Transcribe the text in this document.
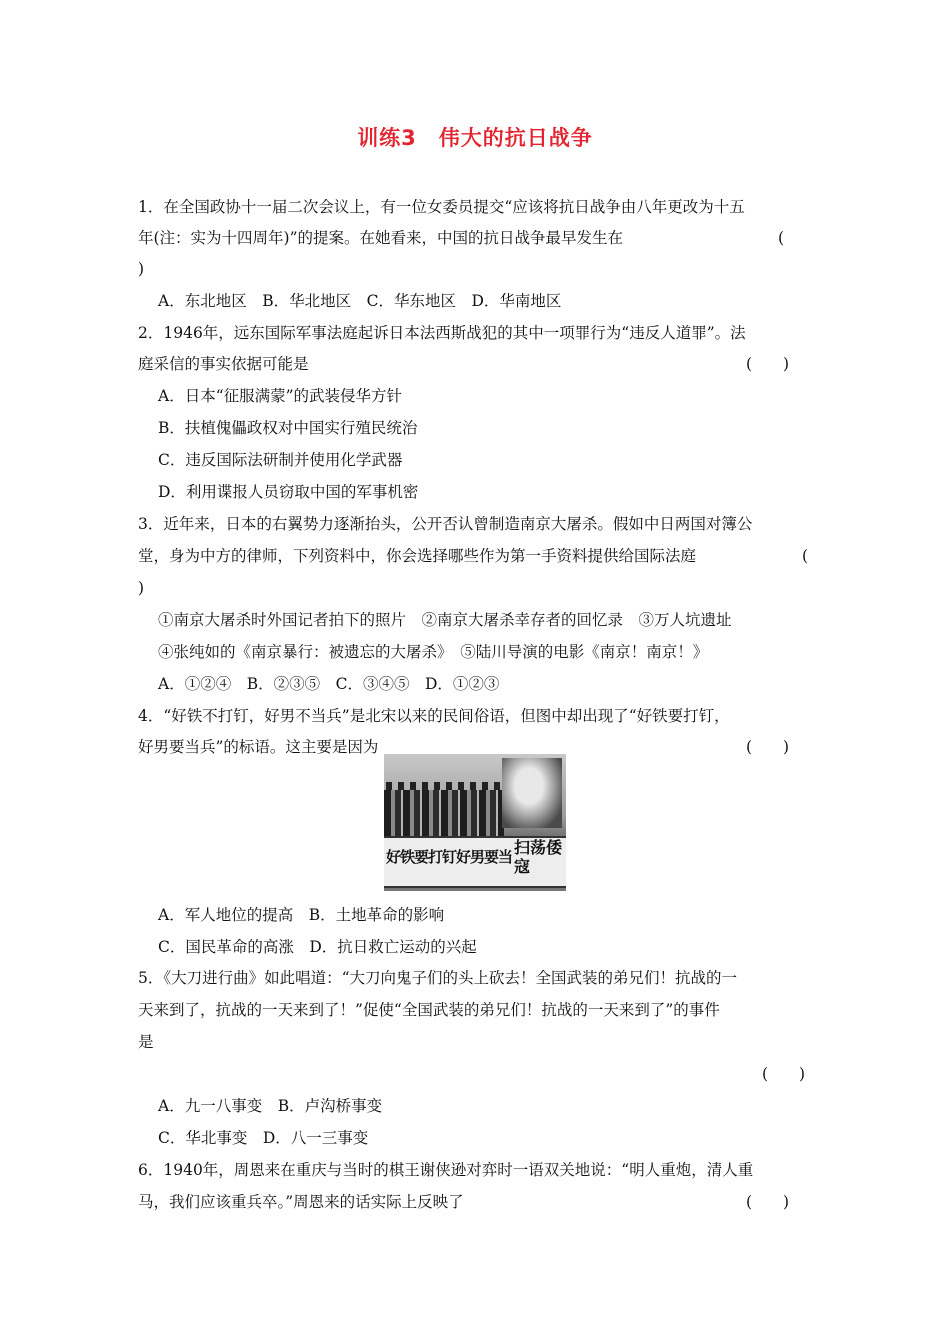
训练3　伟大的抗日战争
1．在全国政协十一届二次会议上，有一位女委员提交“应该将抗日战争由八年更改为十五
年(注：实为十四周年)”的提案。在她看来，中国的抗日战争最早发生在	(
)
A．东北地区　B．华北地区　C．华东地区　D．华南地区
2．1946年，远东国际军事法庭起诉日本法西斯战犯的其中一项罪行为“违反人道罪”。法
庭采信的事实依据可能是	(　　)
A．日本“征服满蒙”的武装侵华方针
B．扶植傀儡政权对中国实行殖民统治
C．违反国际法研制并使用化学武器
D．利用谍报人员窃取中国的军事机密
3．近年来，日本的右翼势力逐渐抬头，公开否认曾制造南京大屠杀。假如中日两国对簿公
堂，身为中方的律师，下列资料中，你会选择哪些作为第一手资料提供给国际法庭	(
)
①南京大屠杀时外国记者拍下的照片　②南京大屠杀幸存者的回忆录　③万人坑遗址
④张纯如的《南京暴行：被遗忘的大屠杀》　⑤陆川导演的电影《南京！南京！》
A．①②④　B．②③⑤　C．③④⑤　D．①②③
4．“好铁不打钉，好男不当兵”是北宋以来的民间俗语，但图中却出现了“好铁要打钉，
好男要当兵”的标语。这主要是因为	(　　)
好铁要打钉好男要当 扫荡倭寇
A．军人地位的提高　B．土地革命的影响
C．国民革命的高涨　D．抗日救亡运动的兴起
5．《大刀进行曲》如此唱道：“大刀向鬼子们的头上砍去！全国武装的弟兄们！抗战的一
天来到了，抗战的一天来到了！”促使“全国武装的弟兄们！抗战的一天来到了”的事件
是
(　　)
A．九一八事变　B．卢沟桥事变
C．华北事变　D．八一三事变
6．1940年，周恩来在重庆与当时的棋王谢侠逊对弈时一语双关地说：“明人重炮，清人重
马，我们应该重兵卒。”周恩来的话实际上反映了	(　　)
